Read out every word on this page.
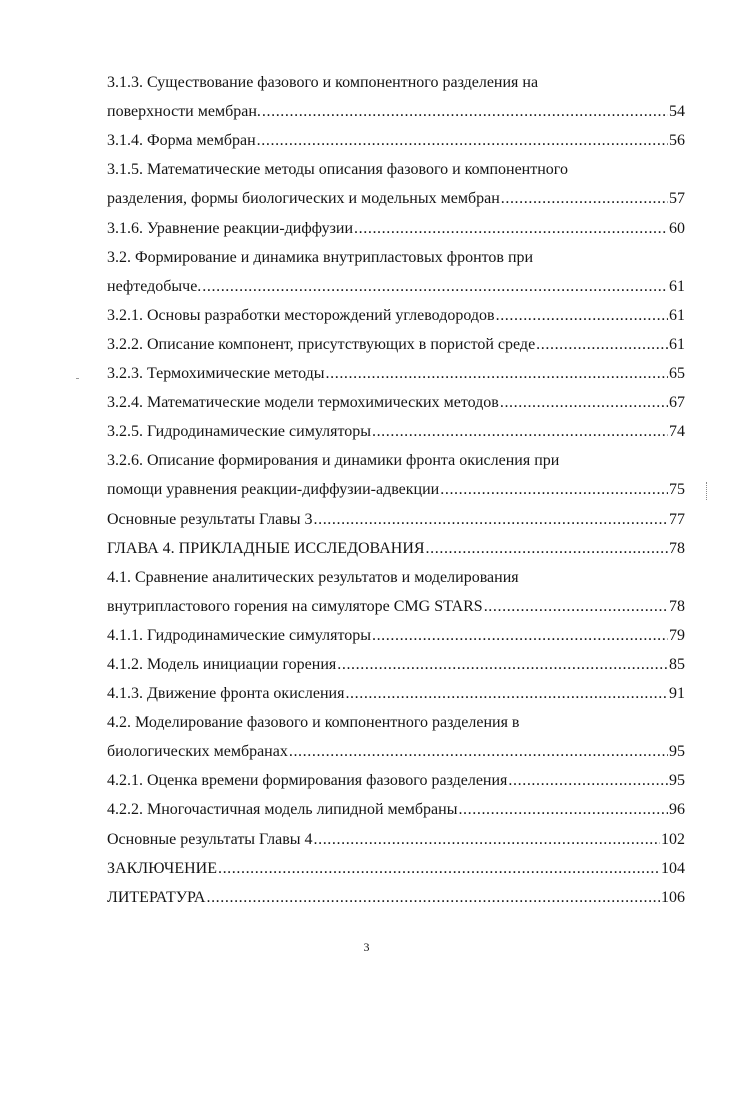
3.1.3. Существование фазового и компонентного разделения на
поверхности мембран. .....	54
3.1.4. Форма мембран .....	56
3.1.5. Математические методы описания фазового и компонентного
разделения, формы биологических и модельных мембран .....	57
3.1.6. Уравнение реакции-диффузии .....	60
3.2. Формирование и динамика внутрипластовых фронтов при
нефтедобыче. .....	61
3.2.1. Основы разработки месторождений углеводородов .....	61
3.2.2. Описание компонент, присутствующих в пористой среде .....	61
3.2.3. Термохимические методы .....	65
3.2.4. Математические модели термохимических методов .....	67
3.2.5. Гидродинамические симуляторы .....	74
3.2.6. Описание формирования и динамики фронта окисления при
помощи уравнения реакции-диффузии-адвекции .....	75
Основные результаты Главы 3 .....	77
ГЛАВА 4. ПРИКЛАДНЫЕ ИССЛЕДОВАНИЯ .....	78
4.1. Сравнение аналитических результатов и моделирования
внутрипластового горения на симуляторе CMG STARS .....	78
4.1.1. Гидродинамические симуляторы .....	79
4.1.2. Модель инициации горения .....	85
4.1.3. Движение фронта окисления .....	91
4.2. Моделирование фазового и компонентного разделения в
биологических мембранах .....	95
4.2.1. Оценка времени формирования фазового разделения .....	95
4.2.2. Многочастичная модель липидной мембраны .....	96
Основные результаты Главы 4 .....	102
ЗАКЛЮЧЕНИЕ .....	104
ЛИТЕРАТУРА .....	106
3
